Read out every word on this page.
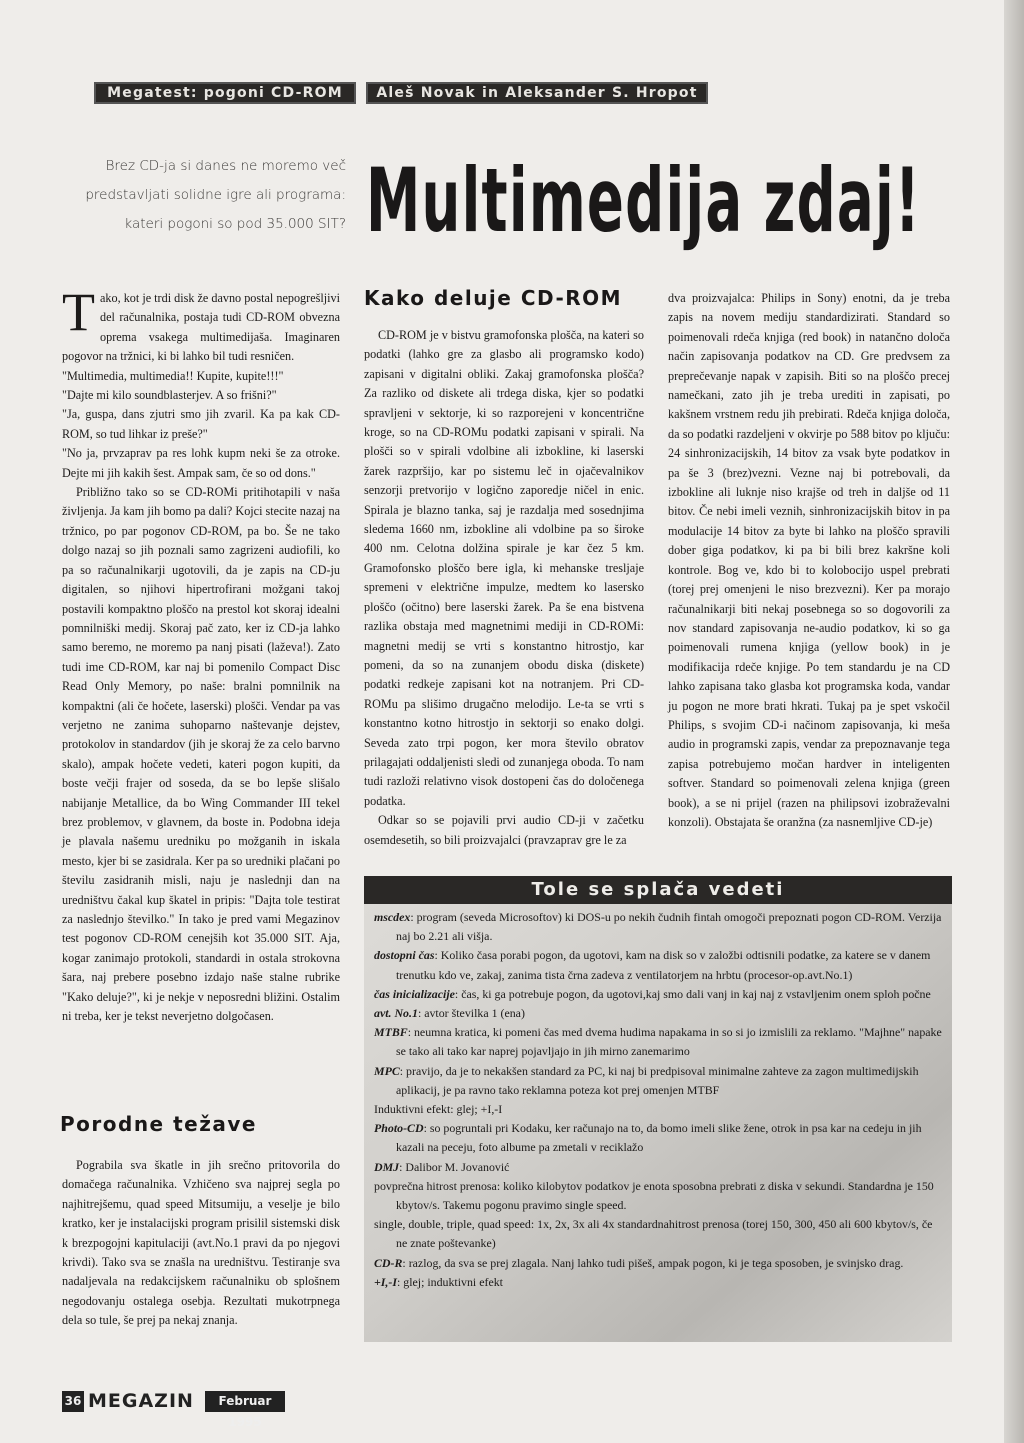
Megatest: pogoni CD-ROM	Aleš Novak in Aleksander S. Hropot
Brez CD-ja si danes ne moremo več
predstavljati solidne igre ali programa:
kateri pogoni so pod 35.000 SIT? Multimedija zdaj!

Tako, kot je trdi disk že davno postal nepogrešljivi del računalnika, postaja tudi CD-ROM obvezna oprema vsakega multimedijaša. Imaginaren pogovor na tržnici, ki bi lahko bil tudi resničen.

"Multimedia, multimedia!! Kupite, kupite!!!"

"Dajte mi kilo soundblasterjev. A so frišni?"

"Ja, guspa, dans zjutri smo jih zvaril. Ka pa kak CD-ROM, so tud lihkar iz preše?"

"No ja, prvzaprav pa res lohk kupm neki še za otroke. Dejte mi jih kakih šest. Ampak sam, če so od dons."

Približno tako so se CD-ROMi pritihotapili v naša življenja. Ja kam jih bomo pa dali? Kojci stecite nazaj na tržnico, po par pogonov CD-ROM, pa bo. Še ne tako dolgo nazaj so jih poznali samo zagrizeni audiofili, ko pa so računalnikarji ugotovili, da je zapis na CD-ju digitalen, so njihovi hipertrofirani možgani takoj postavili kompaktno ploščo na prestol kot skoraj idealni pomnilniški medij. Skoraj pač zato, ker iz CD-ja lahko samo beremo, ne moremo pa nanj pisati (laževa!). Zato tudi ime CD-ROM, kar naj bi pomenilo Compact Disc Read Only Memory, po naše: bralni pomnilnik na kompaktni (ali če hočete, laserski) plošči. Vendar pa vas verjetno ne zanima suhoparno naštevanje dejstev, protokolov in standardov (jih je skoraj že za celo barvno skalo), ampak hočete vedeti, kateri pogon kupiti, da boste večji frajer od soseda, da se bo lepše slišalo nabijanje Metallice, da bo Wing Commander III tekel brez problemov, v glavnem, da boste in. Podobna ideja je plavala našemu uredniku po možganih in iskala mesto, kjer bi se zasidrala. Ker pa so uredniki plačani po številu zasidranih misli, naju je naslednji dan na uredništvu čakal kup škatel in pripis: "Dajta tole testirat za naslednjo številko." In tako je pred vami Megazinov test pogonov CD-ROM cenejših kot 35.000 SIT. Aja, kogar zanimajo protokoli, standardi in ostala strokovna šara, naj prebere posebno izdajo naše stalne rubrike "Kako deluje?", ki je nekje v neposredni bližini. Ostalim ni treba, ker je tekst neverjetno dolgočasen.

Porodne težave

Pograbila sva škatle in jih srečno pritovorila do domačega računalnika. Vzhičeno sva najprej segla po najhitrejšemu, quad speed Mitsumiju, a veselje je bilo kratko, ker je instalacijski program prisilil sistemski disk k brezpogojni kapitulaciji (avt.No.1 pravi da po njegovi krivdi). Tako sva se znašla na uredništvu. Testiranje sva nadaljevala na redakcijskem računalniku ob splošnem negodovanju ostalega osebja. Rezultati mukotrpnega dela so tule, še prej pa nekaj znanja.

Kako deluje CD-ROM

CD-ROM je v bistvu gramofonska plošča, na kateri so podatki (lahko gre za glasbo ali programsko kodo) zapisani v digitalni obliki. Zakaj gramofonska plošča? Za razliko od diskete ali trdega diska, kjer so podatki spravljeni v sektorje, ki so razporejeni v koncentrične kroge, so na CD-ROMu podatki zapisani v spirali. Na plošči so v spirali vdolbine ali izbokline, ki laserski žarek razpršijo, kar po sistemu leč in ojačevalnikov senzorji pretvorijo v logično zaporedje ničel in enic. Spirala je blazno tanka, saj je razdalja med sosednjima sledema 1660 nm, izbokline ali vdolbine pa so široke 400 nm. Celotna dolžina spirale je kar čez 5 km. Gramofonsko ploščo bere igla, ki mehanske tresljaje spremeni v električne impulze, medtem ko lasersko ploščo (očitno) bere laserski žarek. Pa še ena bistvena razlika obstaja med magnetnimi mediji in CD-ROMi: magnetni medij se vrti s konstantno hitrostjo, kar pomeni, da so na zunanjem obodu diska (diskete) podatki redkeje zapisani kot na notranjem. Pri CD-ROMu pa slišimo drugačno melodijo. Le-ta se vrti s konstantno kotno hitrostjo in sektorji so enako dolgi. Seveda zato trpi pogon, ker mora število obratov prilagajati oddaljenisti sledi od zunanjega oboda. To nam tudi razloži relativno visok dostopeni čas do določenega podatka.

Odkar so se pojavili prvi audio CD-ji v začetku osemdesetih, so bili proizvajalci (pravzaprav gre le za

dva proizvajalca: Philips in Sony) enotni, da je treba zapis na novem mediju standardizirati. Standard so poimenovali rdeča knjiga (red book) in natančno določa način zapisovanja podatkov na CD. Gre predvsem za preprečevanje napak v zapisih. Biti so na ploščo precej namečkani, zato jih je treba urediti in zapisati, po kakšnem vrstnem redu jih prebirati. Rdeča knjiga določa, da so podatki razdeljeni v okvirje po 588 bitov po ključu: 24 sinhronizacijskih, 14 bitov za vsak byte podatkov in pa še 3 (brez)vezni. Vezne naj bi potrebovali, da izbokline ali luknje niso krajše od treh in daljše od 11 bitov. Če nebi imeli veznih, sinhronizacijskih bitov in pa modulacije 14 bitov za byte bi lahko na ploščo spravili dober giga podatkov, ki pa bi bili brez kakršne koli kontrole. Bog ve, kdo bi to kolobocijo uspel prebrati (torej prej omenjeni le niso brezvezni). Ker pa morajo računalnikarji biti nekaj posebnega so so dogovorili za nov standard zapisovanja ne-audio podatkov, ki so ga poimenovali rumena knjiga (yellow book) in je modifikacija rdeče knjige. Po tem standardu je na CD lahko zapisana tako glasba kot programska koda, vandar ju pogon ne more brati hkrati. Tukaj pa je spet vskočil Philips, s svojim CD-i načinom zapisovanja, ki meša audio in programski zapis, vendar za prepoznavanje tega zapisa potrebujemo močan hardver in inteligenten softver. Standard so poimenovali zelena knjiga (green book), a se ni prijel (razen na philipsovi izobraževalni konzoli). Obstajata še oranžna (za nasnemljive CD-je)

Tole se splača vedeti

mscdex: program (seveda Microsoftov) ki DOS-u po nekih čudnih fintah omogoči prepoznati pogon CD-ROM. Verzija naj bo 2.21 ali višja.

dostopni čas: Koliko časa porabi pogon, da ugotovi, kam na disk so v založbi odtisnili podatke, za katere se v danem trenutku kdo ve, zakaj, zanima tista črna zadeva z ventilatorjem na hrbtu (procesor-op.avt.No.1)

čas inicializacije: čas, ki ga potrebuje pogon, da ugotovi,kaj smo dali vanj in kaj naj z vstavljenim onem sploh počne

avt. No.1: avtor številka 1 (ena)

MTBF: neumna kratica, ki pomeni čas med dvema hudima napakama in so si jo izmislili za reklamo. "Majhne" napake se tako ali tako kar naprej pojavljajo in jih mirno zanemarimo

MPC: pravijo, da je to nekakšen standard za PC, ki naj bi predpisoval minimalne zahteve za zagon multimedijskih aplikacij, je pa ravno tako reklamna poteza kot prej omenjen MTBF

Induktivni efekt: glej; +I,-I

Photo-CD: so pogruntali pri Kodaku, ker računajo na to, da bomo imeli slike žene, otrok in psa kar na cedeju in jih kazali na peceju, foto albume pa zmetali v reciklažo

DMJ: Dalibor M. Jovanović

povprečna hitrost prenosa: koliko kilobytov podatkov je enota sposobna prebrati z diska v sekundi. Standardna je 150 kbytov/s. Takemu pogonu pravimo single speed.

single, double, triple, quad speed: 1x, 2x, 3x ali 4x standardnahitrost prenosa (torej 150, 300, 450 ali 600 kbytov/s, če ne znate poštevanke)

CD-R: razlog, da sva se prej zlagala. Nanj lahko tudi pišeš, ampak pogon, ki je tega sposoben, je svinjsko drag.

+I,-I: glej; induktivni efekt

36 MEGAZIN	Februar 1995
